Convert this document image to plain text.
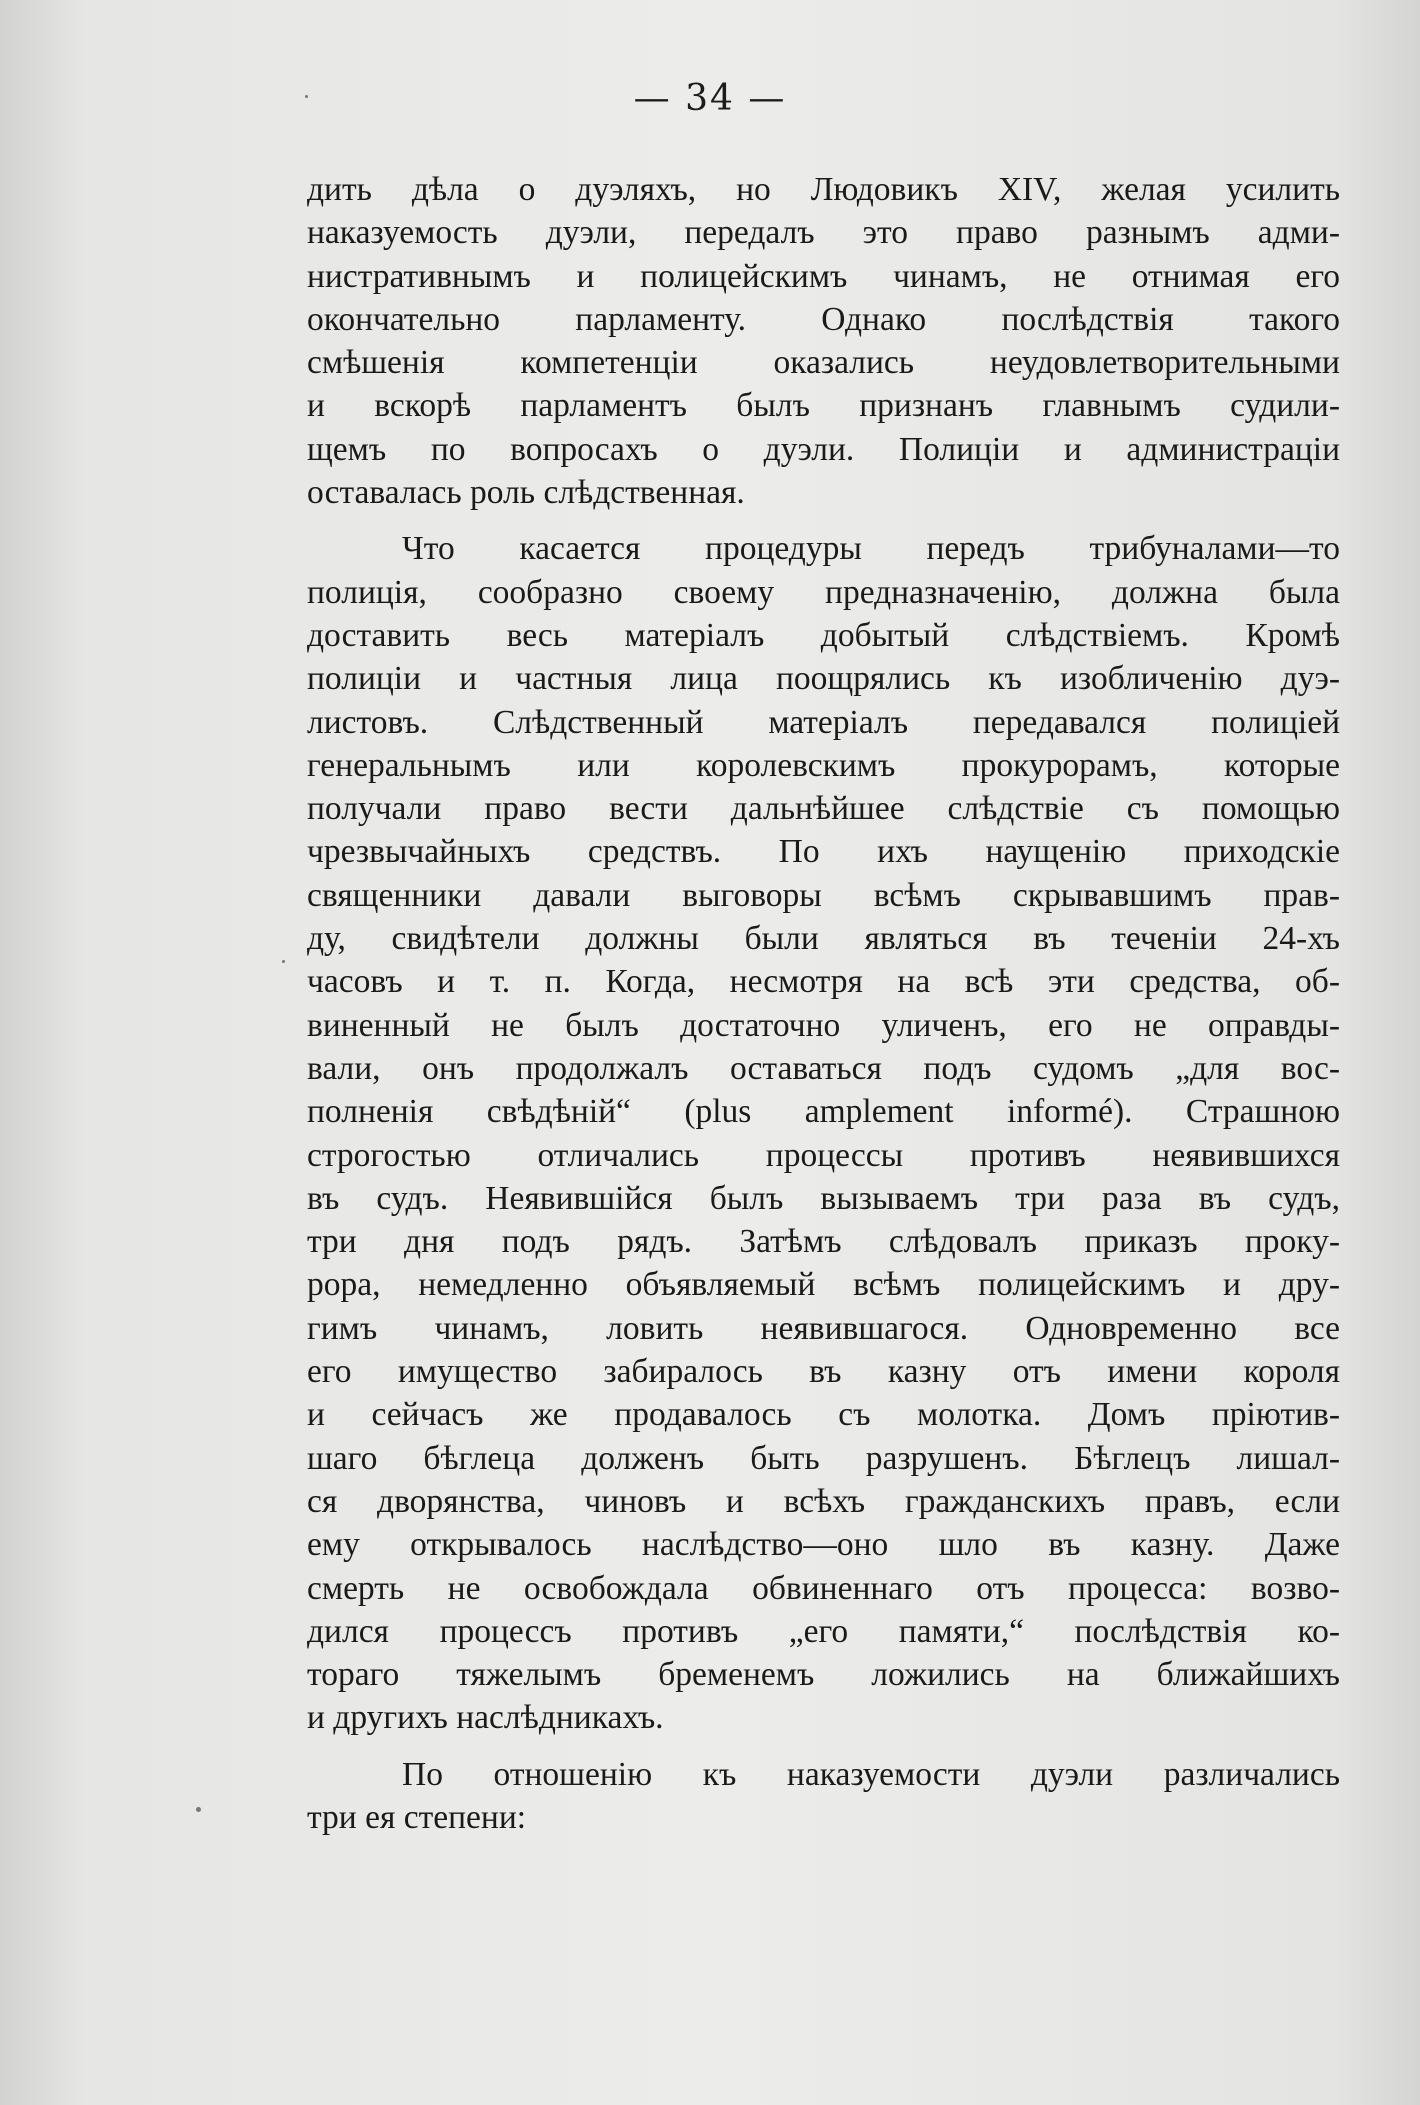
— 34 —
дить дѣла о дуэляхъ, но Людовикъ XIV, желая усилить
наказуемость дуэли, передалъ это право разнымъ адми-
нистративнымъ и полицейскимъ чинамъ, не отнимая его
окончательно парламенту. Однако послѣдствія такого
смѣшенія компетенціи оказались неудовлетворительными
и вскорѣ парламентъ былъ признанъ главнымъ судили-
щемъ по вопросахъ о дуэли. Полиціи и администраціи
оставалась роль слѣдственная.
Что касается процедуры передъ трибуналами—то
полиція, сообразно своему предназначенію, должна была
доставить весь матеріалъ добытый слѣдствіемъ. Кромѣ
полиціи и частныя лица поощрялись къ изобличенію дуэ-
листовъ. Слѣдственный матеріалъ передавался полиціей
генеральнымъ или королевскимъ прокурорамъ, которые
получали право вести дальнѣйшее слѣдствіе съ помощью
чрезвычайныхъ средствъ. По ихъ наущенію приходскіе
священники давали выговоры всѣмъ скрывавшимъ прав-
ду, свидѣтели должны были являться въ теченіи 24-хъ
часовъ и т. п. Когда, несмотря на всѣ эти средства, об-
виненный не былъ достаточно уличенъ, его не оправды-
вали, онъ продолжалъ оставаться подъ судомъ „для вос-
полненія свѣдѣній“ (plus amplement informé). Страшною
строгостью отличались процессы противъ неявившихся
въ судъ. Неявившійся былъ вызываемъ три раза въ судъ,
три дня подъ рядъ. Затѣмъ слѣдовалъ приказъ проку-
рора, немедленно объявляемый всѣмъ полицейскимъ и дру-
гимъ чинамъ, ловить неявившагося. Одновременно все
его имущество забиралось въ казну отъ имени короля
и сейчасъ же продавалось съ молотка. Домъ пріютив-
шаго бѣглеца долженъ быть разрушенъ. Бѣглецъ лишал-
ся дворянства, чиновъ и всѣхъ гражданскихъ правъ, если
ему открывалось наслѣдство—оно шло въ казну. Даже
смерть не освобождала обвиненнаго отъ процесса: возво-
дился процессъ противъ „его памяти,“ послѣдствія ко-
тораго тяжелымъ бременемъ ложились на ближайшихъ
и другихъ наслѣдникахъ.
По отношенію къ наказуемости дуэли различались
три ея степени:
